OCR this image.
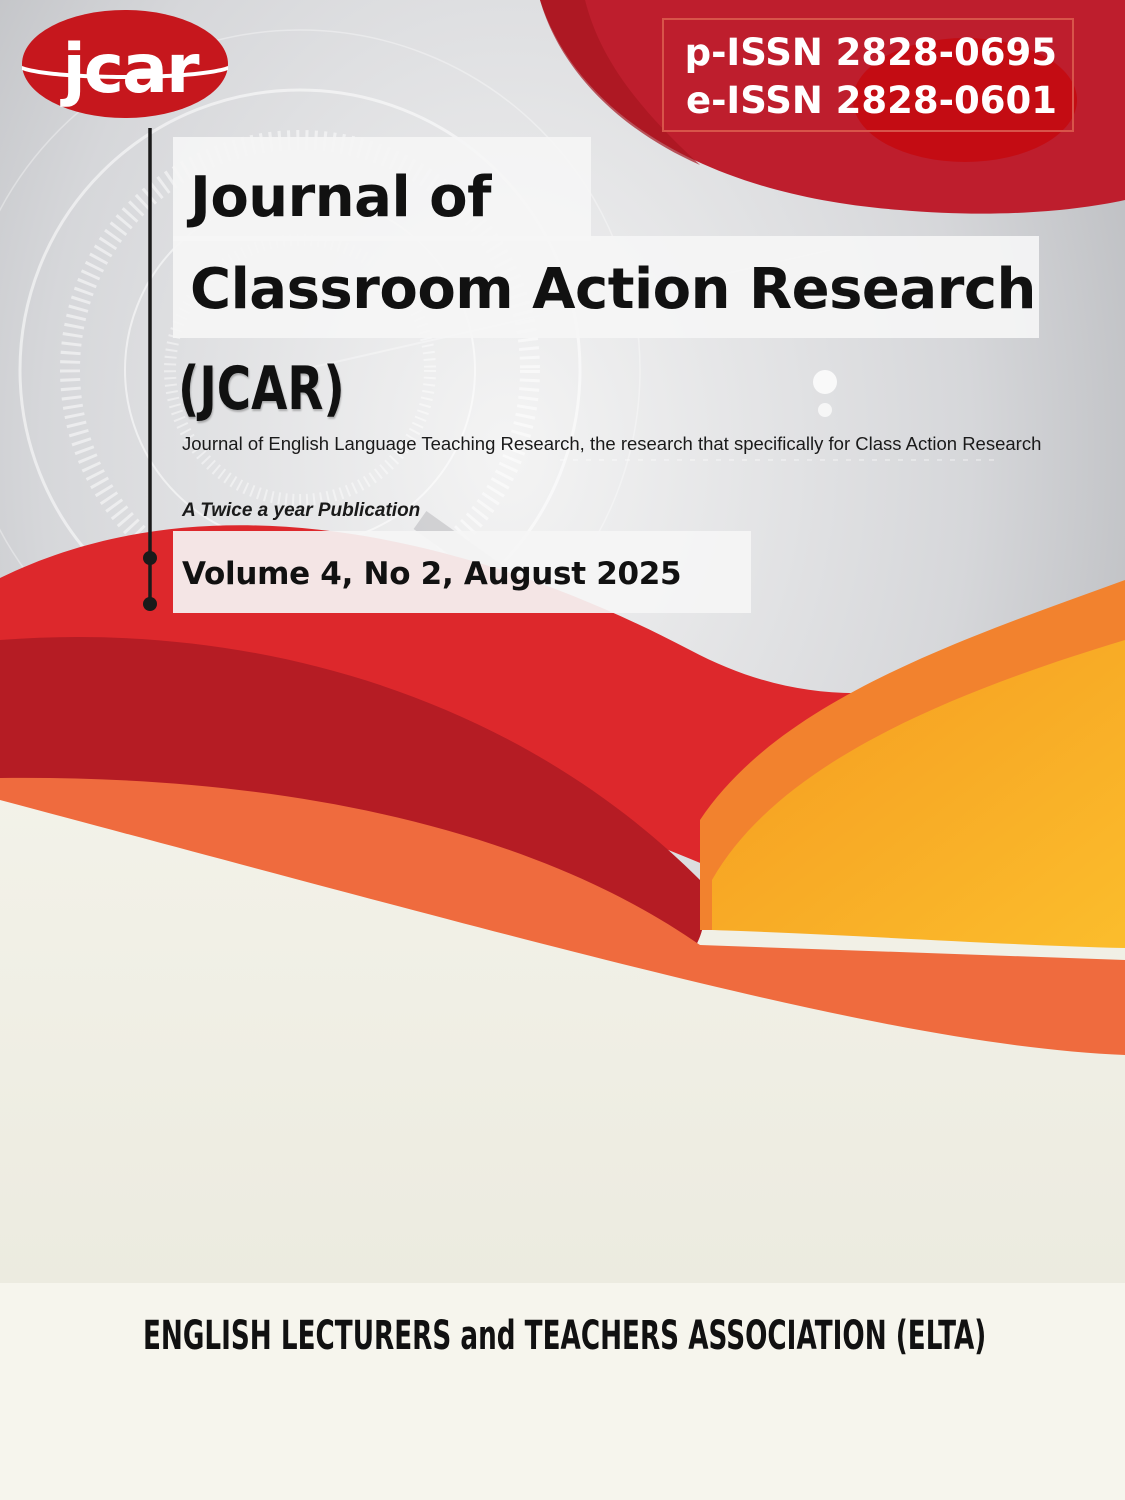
jcar	p-ISSN 2828-0695
e-ISSN 2828-0601
Journal of
Classroom Action Research
(JCAR)
Journal of English Language Teaching Research, the research that specifically for Class Action Research
A Twice a year Publication
Volume 4, No 2, August 2025
ENGLISH LECTURERS and TEACHERS ASSOCIATION (ELTA)
